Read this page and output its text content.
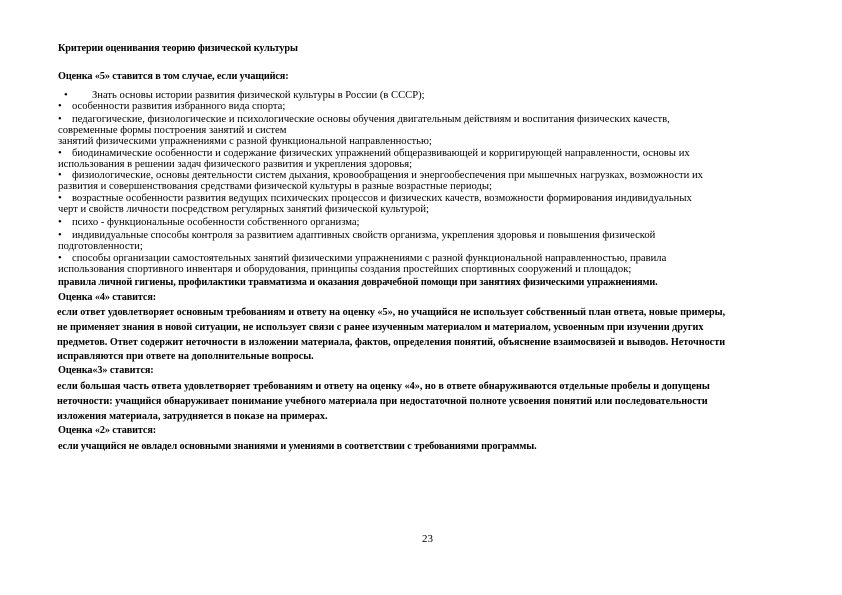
Критерии оценивания теорию физической культуры
Оценка «5» ставится в том случае, если учащийся:
• Знать основы истории развития физической культуры в России (в СССР);
• особенности развития избранного вида спорта;
• педагогические, физиологические и психологические основы обучения двигательным действиям и воспитания физических качеств,
современные формы построения занятий и систем
занятий физическими упражнениями с разной функциональной направленностью;
• биодинамические особенности и содержание физических упражнений общеразвивающей и корригирующей направленности, основы их
использования в решении задач физического развития и укрепления здоровья;
• физиологические, основы деятельности систем дыхания, кровообращения и энергообеспечения при мышечных нагрузках, возможности их
развития и совершенствования средствами физической культуры в разные возрастные периоды;
• возрастные особенности развития ведущих психических процессов и физических качеств, возможности формирования индивидуальных
черт и свойств личности посредством регулярных занятий физической культурой;
• психо - функциональные особенности собственного организма;
• индивидуальные способы контроля за развитием адаптивных свойств организма, укрепления здоровья и повышения физической
подготовленности;
• способы организации самостоятельных занятий физическими упражнениями с разной функциональной направленностью, правила
использования спортивного инвентаря и оборудования, принципы создания простейших спортивных сооружений и площадок;
правила личной гигиены, профилактики травматизма и оказания доврачебной помощи при занятиях физическими упражнениями.
Оценка «4» ставится:
если ответ удовлетворяет основным требованиям и ответу на оценку «5», но учащийся не использует собственный план ответа, новые примеры,
не применяет знания в новой ситуации, не использует связи с ранее изученным материалом и материалом, усвоенным при изучении других
предметов. Ответ содержит неточности в изложении материала, фактов, определения понятий, объяснение взаимосвязей и выводов. Неточности
исправляются при ответе на дополнительные вопросы.
Оценка«3» ставится:
если большая часть ответа удовлетворяет требованиям и ответу на оценку «4», но в ответе обнаруживаются отдельные пробелы и допущены
неточности: учащийся обнаруживает понимание учебного материала при недостаточной полноте усвоения понятий или последовательности
изложения материала, затрудняется в показе на примерах.
Оценка «2» ставится:
если учащийся не овладел основными знаниями и умениями в соответствии с требованиями программы.
23
